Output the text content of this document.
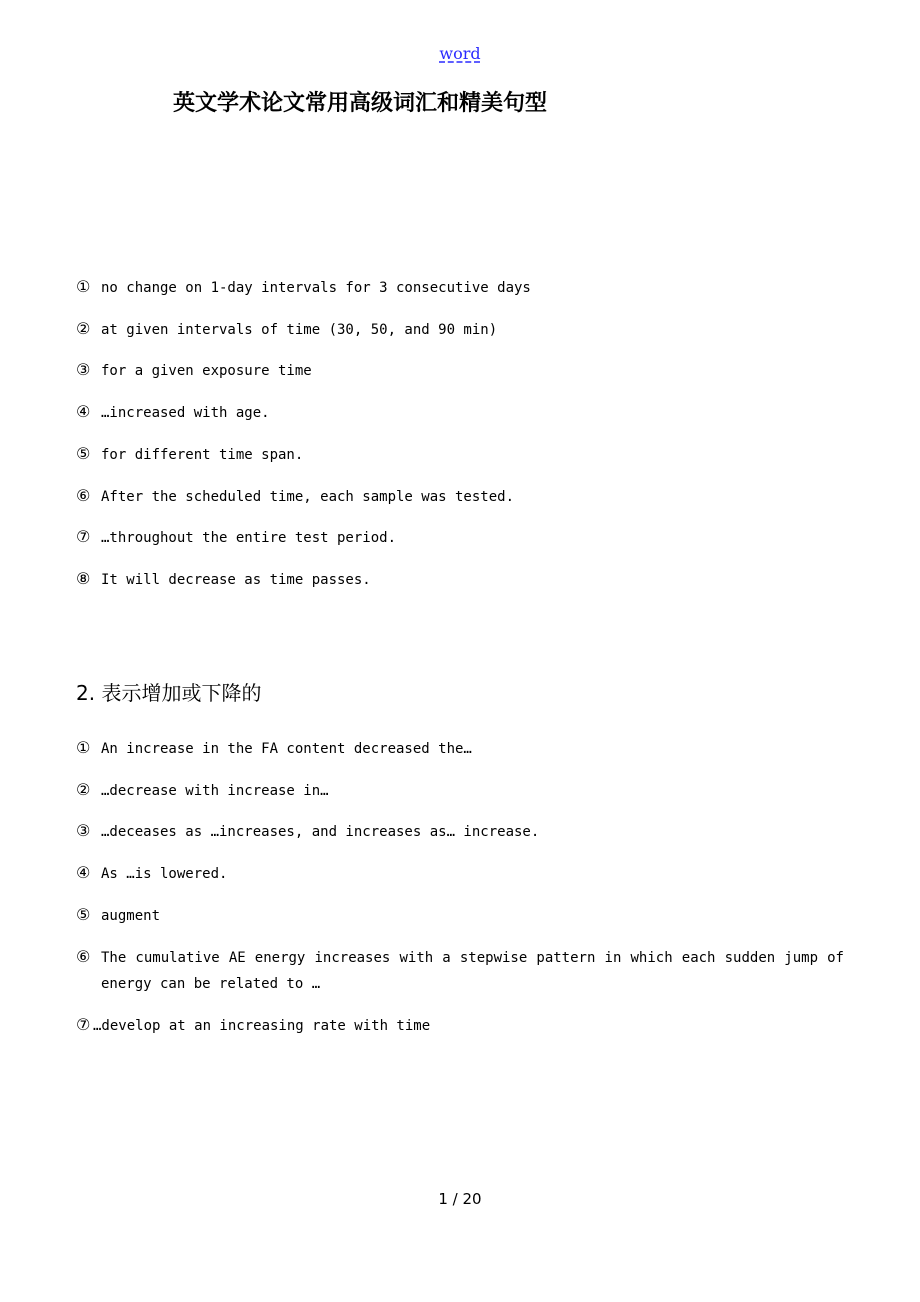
word
英文学术论文常用高级词汇和精美句型
① no change on 1-day intervals for 3 consecutive days
② at given intervals of time (30, 50, and 90 min)
③ for a given exposure time
④ …increased with age.
⑤ for different time span.
⑥ After the scheduled time, each sample was tested.
⑦ …throughout the entire test period.
⑧ It will decrease as time passes.
2. 表示增加或下降的
① An increase in the FA content decreased the…
② …decrease with increase in…
③ …deceases as …increases, and increases as… increase.
④ As …is lowered.
⑤ augment
⑥ The cumulative AE energy increases with a stepwise pattern in which each sudden jump of
energy can be related to …
⑦ …develop at an increasing rate with time
1 / 20
